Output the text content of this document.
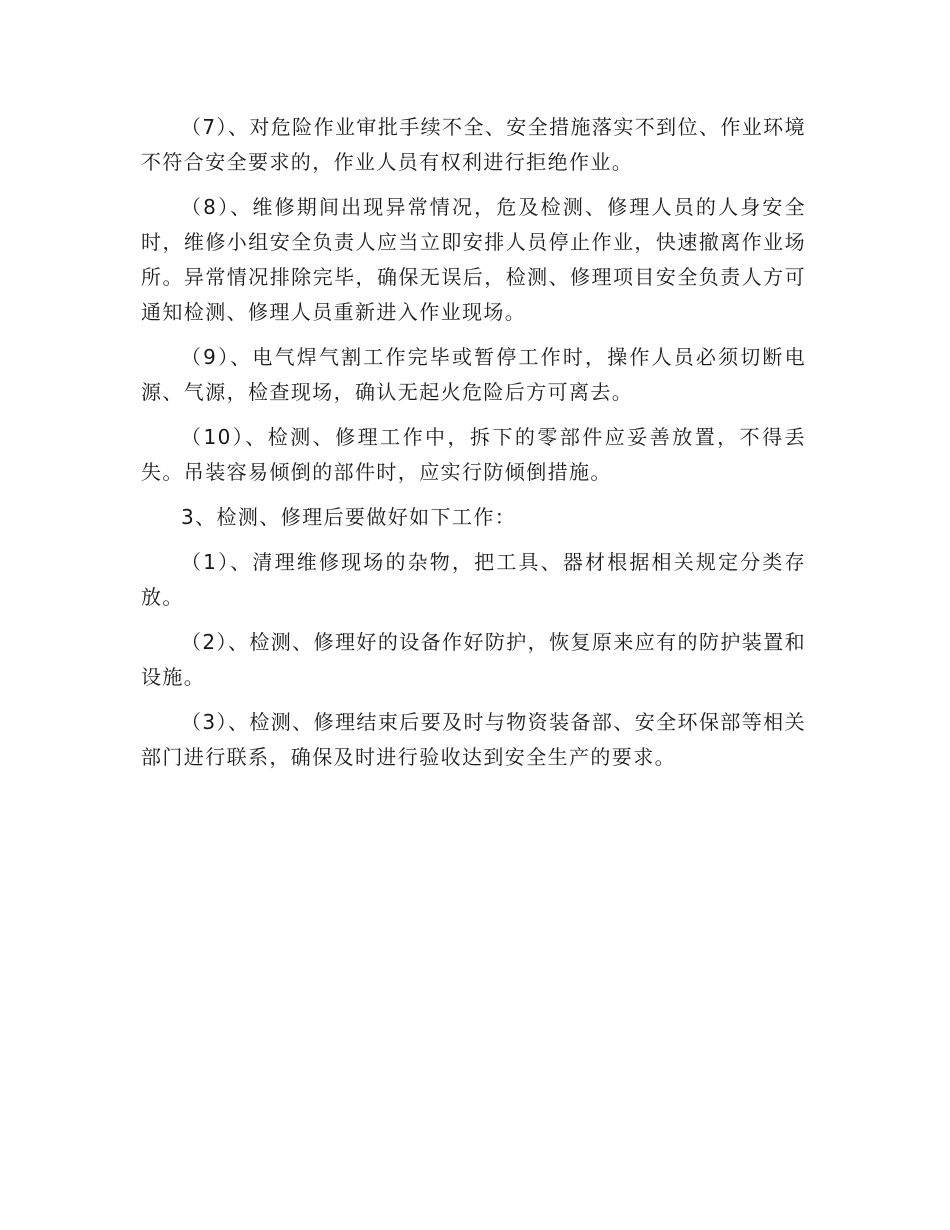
（7）、对危险作业审批手续不全、安全措施落实不到位、作业环境不符合安全要求的，作业人员有权利进行拒绝作业。

（8）、维修期间出现异常情况，危及检测、修理人员的人身安全时，维修小组安全负责人应当立即安排人员停止作业，快速撤离作业场所。异常情况排除完毕，确保无误后，检测、修理项目安全负责人方可通知检测、修理人员重新进入作业现场。

（9）、电气焊气割工作完毕或暂停工作时，操作人员必须切断电源、气源，检查现场，确认无起火危险后方可离去。

（10）、检测、修理工作中，拆下的零部件应妥善放置，不得丢失。吊装容易倾倒的部件时，应实行防倾倒措施。

3、检测、修理后要做好如下工作：

（1）、清理维修现场的杂物，把工具、器材根据相关规定分类存放。

（2）、检测、修理好的设备作好防护，恢复原来应有的防护装置和设施。

（3）、检测、修理结束后要及时与物资装备部、安全环保部等相关部门进行联系，确保及时进行验收达到安全生产的要求。
